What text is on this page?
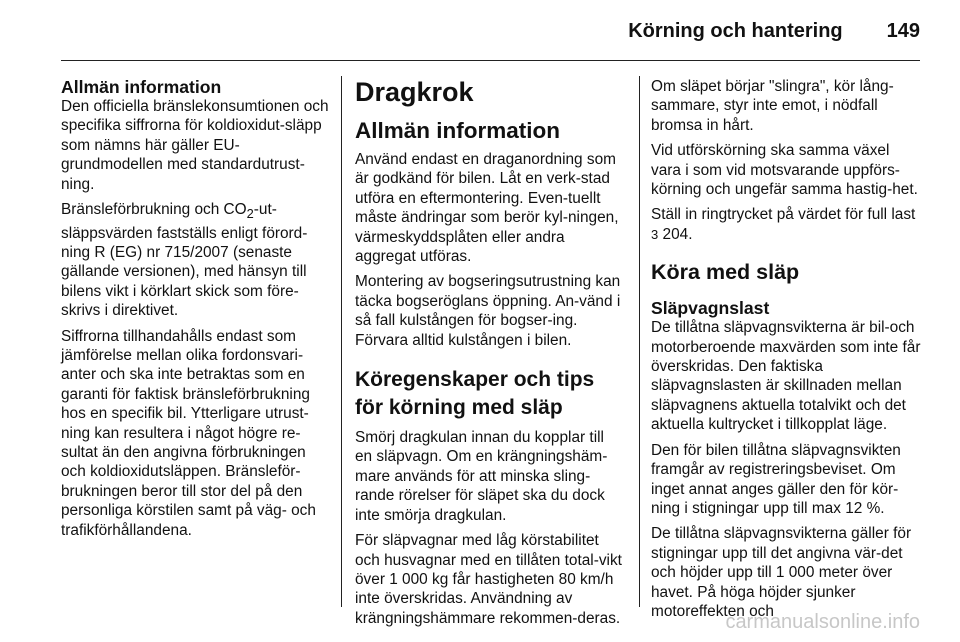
Körning och hantering 149
Allmän information

Den officiella bränslekonsumtionen och specifika siffrorna för koldioxidut-släpp som nämns här gäller EU-grundmodellen med standardutrust-ning.

Bränsleförbrukning och $CO_2-ut$-släppsvärden fastställs enligt förord-ning R (EG) nr 715/2007 (senaste gällande versionen), med hänsyn till bilens vikt i körklart skick som före-skrivs i direktivet.

Siffrorna tillhandahålls endast som jämförelse mellan olika fordonsvari-anter och ska inte betraktas som en garanti för faktisk bränsleförbrukning hos en specifik bil. Ytterligare utrust-ning kan resultera i något högre re-sultat än den angivna förbrukningen och koldioxidutsläppen. Bränsleför-brukningen beror till stor del på den personliga körstilen samt på väg- och trafikförhållandena.

Dragkrok
Allmän information

Använd endast en draganordning som är godkänd för bilen. Låt en verk-stad utföra en eftermontering. Even-tuellt måste ändringar som berör kyl-ningen, värmeskyddsplåten eller andra aggregat utföras.

Montering av bogseringsutrustning kan täcka bogseröglans öppning. An-vänd i så fall kulstången för bogser-ing. Förvara alltid kulstången i bilen.

Köregenskaper och tips för körning med släp

Smörj dragkulan innan du kopplar till en släpvagn. Om en krängningshäm-mare används för att minska sling-rande rörelser för släpet ska du dock inte smörja dragkulan.

För släpvagnar med låg körstabilitet och husvagnar med en tillåten total-vikt över 1 000 kg får hastigheten 80 km/h inte överskridas. Användning av krängningshämmare rekommen-deras.

Om släpet börjar "slingra", kör lång-sammare, styr inte emot, i nödfall bromsa in hårt.

Vid utförskörning ska samma växel vara i som vid motsvarande uppförs-körning och ungefär samma hastig-het.

Ställ in ringtrycket på värdet för full last 3 204.

Köra med släp
Släpvagnslast

De tillåtna släpvagnsvikterna är bil-och motorberoende maxvärden som inte får överskridas. Den faktiska släpvagnslasten är skillnaden mellan släpvagnens aktuella totalvikt och det aktuella kultrycket i tillkopplat läge.

Den för bilen tillåtna släpvagnsvikten framgår av registreringsbeviset. Om inget annat anges gäller den för kör-ning i stigningar upp till max 12 %.

De tillåtna släpvagnsvikterna gäller för stigningar upp till det angivna vär-det och höjder upp till 1 000 meter över havet. På höga höjder sjunker motoreffekten och

carmanualsonline.info
